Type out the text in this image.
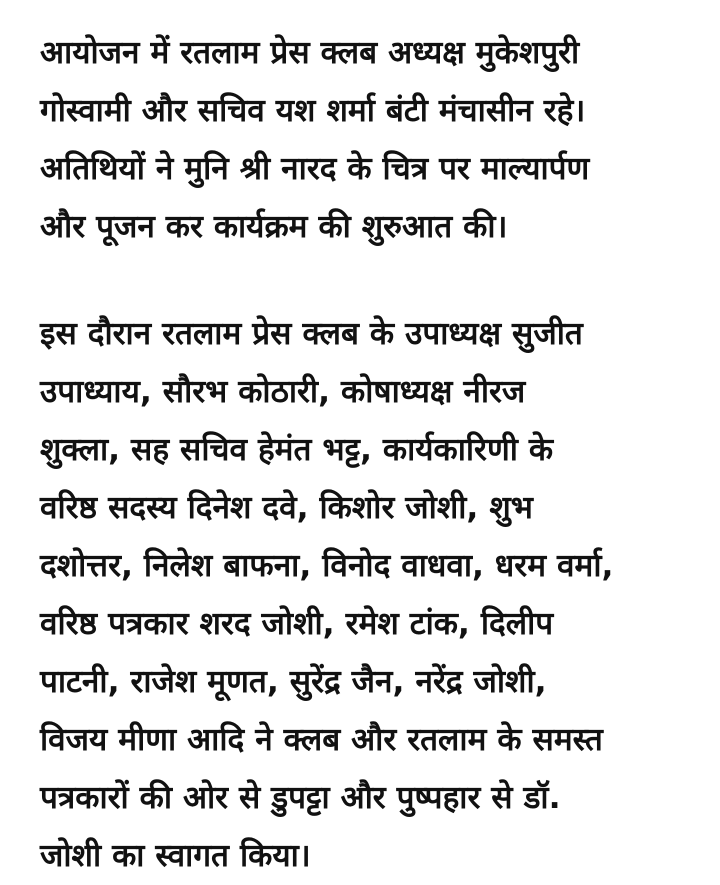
आयोजन में रतलाम प्रेस क्लब अध्यक्ष मुकेशपुरी
गोस्वामी और सचिव यश शर्मा बंटी मंचासीन रहे।
अतिथियों ने मुनि श्री नारद के चित्र पर माल्यार्पण
और पूजन कर कार्यक्रम की शुरुआत की।
इस दौरान रतलाम प्रेस क्लब के उपाध्यक्ष सुजीत
उपाध्याय, सौरभ कोठारी, कोषाध्यक्ष नीरज
शुक्ला, सह सचिव हेमंत भट्ट, कार्यकारिणी के
वरिष्ठ सदस्य दिनेश दवे, किशोर जोशी, शुभ
दशोत्तर, निलेश बाफना, विनोद वाधवा, धरम वर्मा,
वरिष्ठ पत्रकार शरद जोशी, रमेश टांक, दिलीप
पाटनी, राजेश मूणत, सुरेंद्र जैन, नरेंद्र जोशी,
विजय मीणा आदि ने क्लब और रतलाम के समस्त
पत्रकारों की ओर से डुपट्टा और पुष्पहार से डॉ.
जोशी का स्वागत किया।
